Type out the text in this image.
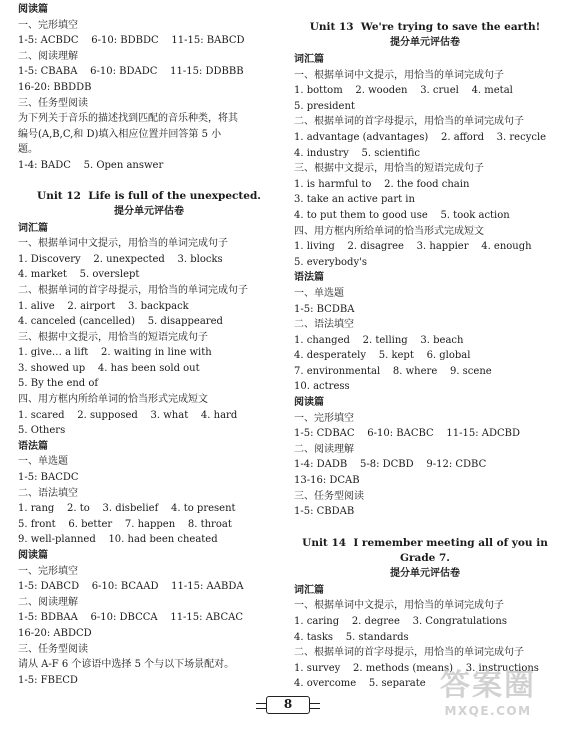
阅读篇
一、完形填空
1-5: ACBDC    6-10: BDBDC    11-15: BABCD
二、阅读理解
1-5: CBABA    6-10: BDADC    11-15: DDBBB
16-20: BBDDB
三、任务型阅读
为下列关于音乐的描述找到匹配的音乐种类，将其
编号(A,B,C,和 D)填入相应位置并回答第 5 小
题。
1-4: BADC    5. Open answer
Unit 12  Life is full of the unexpected.
提分单元评估卷
词汇篇
一、根据单词中文提示，用恰当的单词完成句子
1. Discovery    2. unexpected    3. blocks
4. market    5. overslept
二、根据单词的首字母提示，用恰当的单词完成句子
1. alive    2. airport    3. backpack
4. canceled (cancelled)    5. disappeared
三、根据中文提示，用恰当的短语完成句子
1. give… a lift    2. waiting in line with
3. showed up    4. has been sold out
5. By the end of
四、用方框内所给单词的恰当形式完成短文
1. scared    2. supposed    3. what    4. hard
5. Others
语法篇
一、单选题
1-5: BACDC
二、语法填空
1. rang    2. to    3. disbelief    4. to present
5. front    6. better    7. happen    8. throat
9. well-planned    10. had been cheated
阅读篇
一、完形填空
1-5: DABCD    6-10: BCAAD    11-15: AABDA
二、阅读理解
1-5: BDBAA    6-10: DBCCA    11-15: ABCAC
16-20: ABDCD
三、任务型阅读
请从 A-F 6 个谚语中选择 5 个与以下场景配对。
1-5: FBECD
Unit 13  We're trying to save the earth!
提分单元评估卷
词汇篇
一、根据单词中文提示，用恰当的单词完成句子
1. bottom    2. wooden    3. cruel    4. metal
5. president
二、根据单词的首字母提示，用恰当的单词完成句子
1. advantage (advantages)    2. afford    3. recycle
4. industry    5. scientific
三、根据中文提示，用恰当的短语完成句子
1. is harmful to    2. the food chain
3. take an active part in
4. to put them to good use    5. took action
四、用方框内所给单词的恰当形式完成短文
1. living    2. disagree    3. happier    4. enough
5. everybody's
语法篇
一、单选题
1-5: BCDBA
二、语法填空
1. changed    2. telling    3. beach
4. desperately    5. kept    6. global
7. environmental    8. where    9. scene
10. actress
阅读篇
一、完形填空
1-5: CDBAC    6-10: BACBC    11-15: ADCBD
二、阅读理解
1-4: DADB    5-8: DCBD    9-12: CDBC
13-16: DCAB
三、任务型阅读
1-5: CBDAB
Unit 14  I remember meeting all of you in
Grade 7.
提分单元评估卷
词汇篇
一、根据单词中文提示，用恰当的单词完成句子
1. caring    2. degree    3. Congratulations
4. tasks    5. standards
二、根据单词的首字母提示，用恰当的单词完成句子
1. survey    2. methods (means)    3. instructions
4. overcome    5. separate
8
答案圈
MXQE.COM
